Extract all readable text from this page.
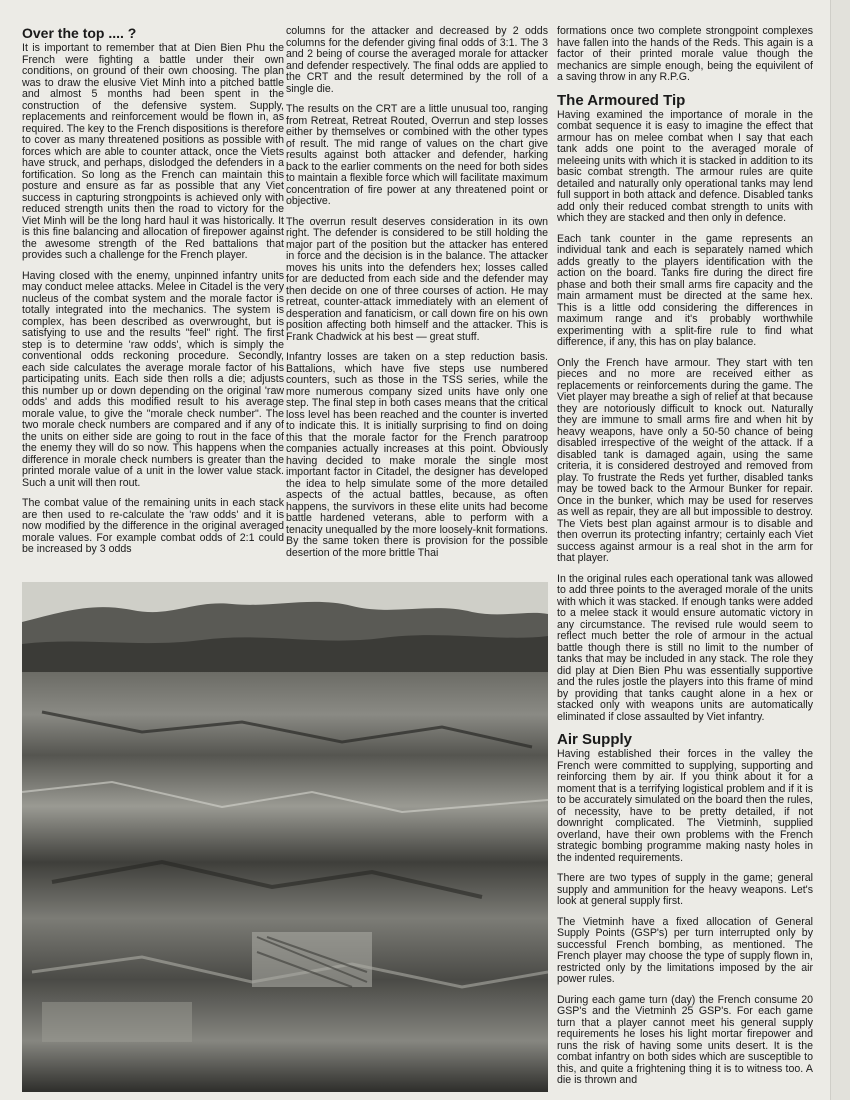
Over the top .... ?

It is important to remember that at Dien Bien Phu the French were fighting a battle under their own conditions, on ground of their own choosing. The plan was to draw the elusive Viet Minh into a pitched battle and almost 5 months had been spent in the construction of the defensive system. Supply, replacements and reinforcement would be flown in, as required. The key to the French dispositions is therefore to cover as many threatened positions as possible with forces which are able to counter attack, once the Viets have struck, and perhaps, dislodged the defenders in a fortification. So long as the French can maintain this posture and ensure as far as possible that any Viet success in capturing strongpoints is achieved only with reduced strength units then the road to victory for the Viet Minh will be the long hard haul it was historically. It is this fine balancing and allocation of firepower against the awesome strength of the Red battalions that provides such a challenge for the French player.

Having closed with the enemy, unpinned infantry units may conduct melee attacks. Melee in Citadel is the very nucleus of the combat system and the morale factor is totally integrated into the mechanics. The system is complex, has been described as overwrought, but is satisfying to use and the results "feel" right. The first step is to determine 'raw odds', which is simply the conventional odds reckoning procedure. Secondly, each side calculates the average morale factor of his participating units. Each side then rolls a die; adjusts this number up or down depending on the original 'raw odds' and adds this modified result to his average morale value, to give the "morale check number". The two morale check numbers are compared and if any of the units on either side are going to rout in the face of the enemy they will do so now. This happens when the difference in morale check numbers is greater than the printed morale value of a unit in the lower value stack. Such a unit will then rout.

The combat value of the remaining units in each stack are then used to re-calculate the 'raw odds' and it is now modified by the difference in the original averaged morale values. For example combat odds of 2:1 could be increased by 3 odds

columns for the attacker and decreased by 2 odds columns for the defender giving final odds of 3:1. The 3 and 2 being of course the averaged morale for attacker and defender respectively. The final odds are applied to the CRT and the result determined by the roll of a single die.

The results on the CRT are a little unusual too, ranging from Retreat, Retreat Routed, Overrun and step losses either by themselves or combined with the other types of result. The mid range of values on the chart give results against both attacker and defender, harking back to the earlier comments on the need for both sides to maintain a flexible force which will facilitate maximum concentration of fire power at any threatened point or objective.

The overrun result deserves consideration in its own right. The defender is considered to be still holding the major part of the position but the attacker has entered in force and the decision is in the balance. The attacker moves his units into the defenders hex; losses called for are deducted from each side and the defender may then decide on one of three courses of action. He may retreat, counter-attack immediately with an element of desperation and fanaticism, or call down fire on his own position affecting both himself and the attacker. This is Frank Chadwick at his best — great stuff.

Infantry losses are taken on a step reduction basis. Battalions, which have five steps use numbered counters, such as those in the TSS series, while the more numerous company sized units have only one step. The final step in both cases means that the critical loss level has been reached and the counter is inverted to indicate this. It is initially surprising to find on doing this that the morale factor for the French paratroop companies actually increases at this point. Obviously having decided to make morale the single most important factor in Citadel, the designer has developed the idea to help simulate some of the more detailed aspects of the actual battles, because, as often happens, the survivors in these elite units had become battle hardened veterans, able to perform with a tenacity unequalled by the more loosely-knit formations. By the same token there is provision for the possible desertion of the more brittle Thai

formations once two complete strongpoint complexes have fallen into the hands of the Reds. This again is a factor of their printed morale value though the mechanics are simple enough, being the equivilent of a saving throw in any R.P.G.

The Armoured Tip

Having examined the importance of morale in the combat sequence it is easy to imagine the effect that armour has on melee combat when I say that each tank adds one point to the averaged morale of meleeing units with which it is stacked in addition to its basic combat strength. The armour rules are quite detailed and naturally only operational tanks may lend full support in both attack and defence. Disabled tanks add only their reduced combat strength to units with which they are stacked and then only in defence.

Each tank counter in the game represents an individual tank and each is separately named which adds greatly to the players identification with the action on the board. Tanks fire during the direct fire phase and both their small arms fire capacity and the main armament must be directed at the same hex. This is a little odd considering the differences in maximum range and it's probably worthwhile experimenting with a split-fire rule to find what difference, if any, this has on play balance.

Only the French have armour. They start with ten pieces and no more are received either as replacements or reinforcements during the game. The Viet player may breathe a sigh of relief at that because they are notoriously difficult to knock out. Naturally they are immune to small arms fire and when hit by heavy weapons, have only a 50-50 chance of being disabled irrespective of the weight of the attack. If a disabled tank is damaged again, using the same criteria, it is considered destroyed and removed from play. To frustrate the Reds yet further, disabled tanks may be towed back to the Armour Bunker for repair. Once in the bunker, which may be used for reserves as well as repair, they are all but impossible to destroy. The Viets best plan against armour is to disable and then overrun its protecting infantry; certainly each Viet success against armour is a real shot in the arm for that player.

In the original rules each operational tank was allowed to add three points to the averaged morale of the units with which it was stacked. If enough tanks were added to a melee stack it would ensure automatic victory in any circumstance. The revised rule would seem to reflect much better the role of armour in the actual battle though there is still no limit to the number of tanks that may be included in any stack. The role they did play at Dien Bien Phu was essentially supportive and the rules jostle the players into this frame of mind by providing that tanks caught alone in a hex or stacked only with weapons units are automatically eliminated if close assaulted by Viet infantry.

Air Supply

Having established their forces in the valley the French were committed to supplying, supporting and reinforcing them by air. If you think about it for a moment that is a terrifying logistical problem and if it is to be accurately simulated on the board then the rules, of necessity, have to be pretty detailed, if not downright complicated. The Vietminh, supplied overland, have their own problems with the French strategic bombing programme making nasty holes in the indented requirements.

There are two types of supply in the game; general supply and ammunition for the heavy weapons. Let's look at general supply first.

The Vietminh have a fixed allocation of General Supply Points (GSP's) per turn interrupted only by successful French bombing, as mentioned. The French player may choose the type of supply flown in, restricted only by the limitations imposed by the air power rules.

During each game turn (day) the French consume 20 GSP's and the Vietminh 25 GSP's. For each game turn that a player cannot meet his general supply requirements he loses his light mortar firepower and runs the risk of having some units desert. It is the combat infantry on both sides which are susceptible to this, and quite a frightening thing it is to witness too. A die is thrown and
